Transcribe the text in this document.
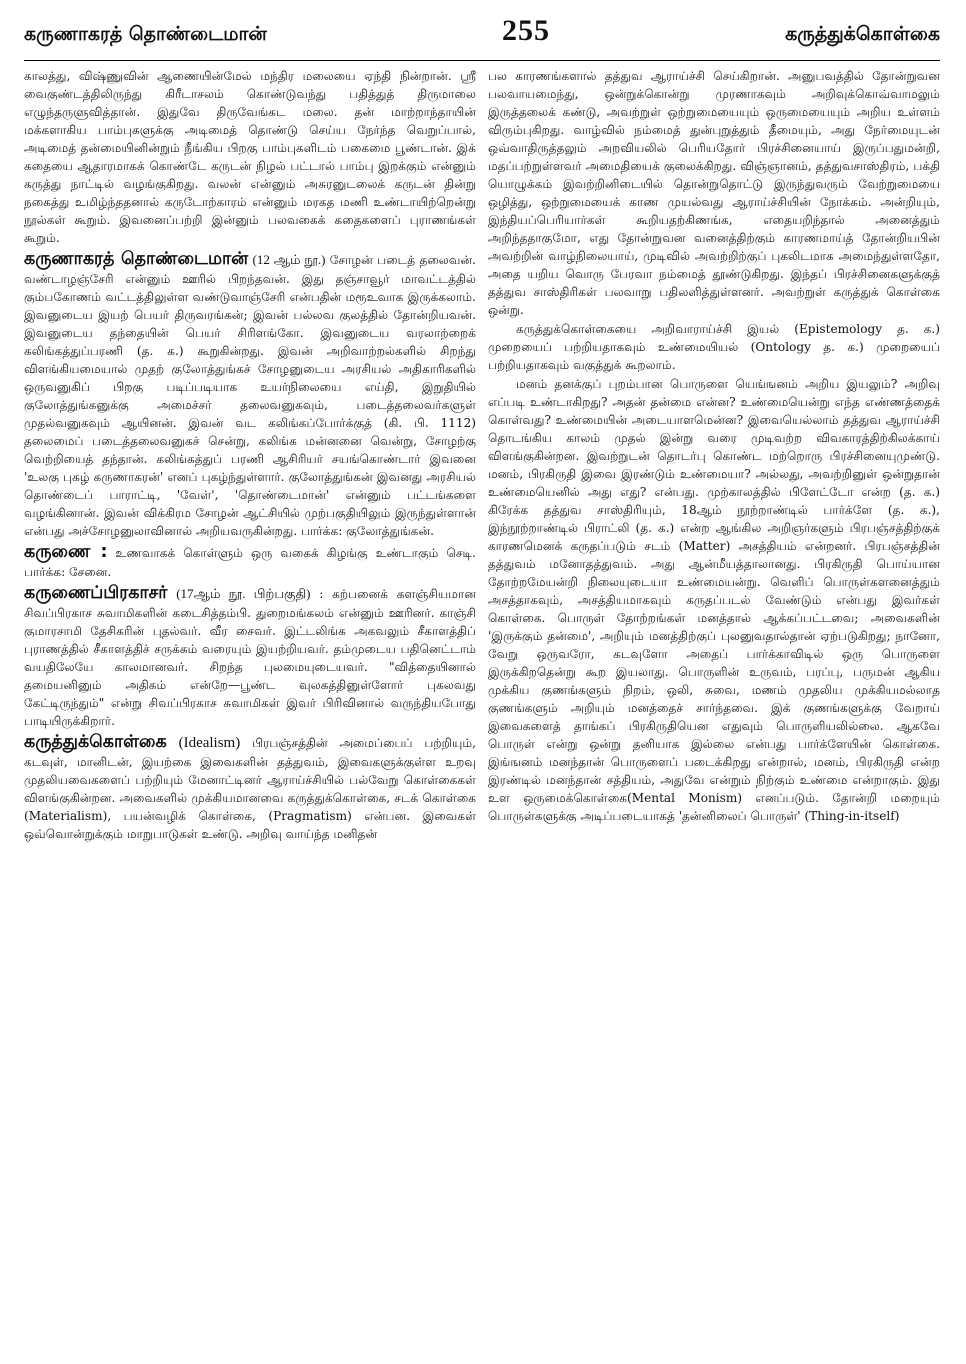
கருணாகரத் தொண்டைமான்	255	கருத்துக்கொள்கை

காலத்து, விஷ்ணுவின் ஆணையின்மேல் மந்திர மலையை ஏந்தி நின்றான். ஸ்ரீ வைகுண்டத்திலிருந்து கிரீடாசலம் கொண்டுவந்து பதித்துத் திருமாலை எழுந்தருளுவித்தான். இதுவே திருவேங்கட மலை. தன் மாற்றாந்தாயின் மக்களாகிய பாம்புகளுக்கு அடிமைத் தொண்டு செய்ய நேர்ந்த வெறுப்பால், அடிமைத் தன்மையினின்றும் நீங்கிய பிறகு பாம்புகளிடம் பகைமை பூண்டான். இக் கதையை ஆதாரமாகக் கொண்டே கருடன் நிழல் பட்டால் பாம்பு இறக்கும் என்னும் கருத்து நாட்டில் வழங்குகிறது. வலன் என்னும் அசுரனுடலைக் கருடன் தின்று நகைத்து உமிழ்ந்ததனால் கருடோற்காரம் என்னும் மரகத மணி உண்டாயிற்றென்று நூல்கள் கூறும். இவனைப்பற்றி இன்னும் பலவகைக் கதைகளைப் புராணங்கள் கூறும்.

கருணாகரத் தொண்டைமான் (12 ஆம் நூ.) சோழன் படைத் தலைவன். வண்டாழஞ்சேரி என்னும் ஊரில் பிறந்தவன். இது தஞ்சாவூர் மாவட்டத்தில் கும்பகோணம் வட்டத்திலுள்ள வண்டுவாஞ்சேரி என்பதின் மரூஉவாக இருக்கலாம். இவனுடைய இயற் பெயர் திருவரங்கன்; இவன் பல்லவ குலத்தில் தோன்றியவன். இவனுடைய தந்தையின் பெயர் சிரிளங்கோ. இவனுடைய வரலாற்றைக் கலிங்கத்துப்பரணி (த. க.) கூறுகின்றது. இவன் அறிவாற்றல்களில் சிறந்து விளங்கியமையால் முதற் குலோத்துங்கச் சோழனுடைய அரசியல் அதிகாரிகளில் ஒருவனுகிப் பிறகு படிப்படியாக உயர்நிலையை எய்தி, இறுதியில் குலோத்துங்கனுக்கு அமைச்சர் தலைவனுகவும், படைத்தலைவர்களுள் முதல்வனுகவும் ஆயினன். இவன் வட கலிங்கப்போர்க்குத் (கி. பி. 1112) தலைமைப் படைத்தலைவனுகச் சென்று, கலிங்க மன்னனை வென்று, சோழற்கு வெற்றியைத் தந்தான். கலிங்கத்துப் பரணி ஆசிரியர் சயங்கொண்டார் இவனை 'உலகு புகழ் கருணாகரன்' எனப் புகழ்ந்துள்ளார். குலோத்துங்கன் இவனது அரசியல் தொண்டைப் பாராட்டி, 'வேள்', 'தொண்டைமான்' என்னும் பட்டங்களை வழங்கினான். இவன் விக்கிரம சோழன் ஆட்சியில் முற்பகுதியிலும் இருந்துள்ளான் என்பது அச்சோழனுலாவினால் அறியவருகின்றது. பார்க்க: குலோத்துங்கன்.

கருணை : உணவாகக் கொள்ளும் ஒரு வகைக் கிழங்கு உண்டாகும் செடி. பார்க்க: சேனை.

கருணைப்பிரகாசர் (17ஆம் நூ. பிற்பகுதி) : கற்பனைக் களஞ்சியமான சிவப்பிரகாச சுவாமிகளின் கடைசித்தம்பி. துறைமங்கலம் என்னும் ஊரினர். காஞ்சி குமாரசாமி தேசிகரின் புதல்வர். வீர சைவர். இட்டலிங்க அகவலும் சீகாளத்திப் புராணத்தில் சீகாளத்திச் சருக்கம் வரையும் இயற்றியவர். தம்முடைய பதினெட்டாம் வயதிலேயே காலமானவர். சிறந்த புலமையுடையவர். "வித்தையினால் தமையனினும் அதிகம் என்றே—பூண்ட வுலகத்தினுள்ளோர் புகலவது கேட்டிருந்தும்" என்று சிவப்பிரகாச சுவாமிகள் இவர் பிரிவினால் வருந்தியபோது பாடியிருக்கிறார்.

கருத்துக்கொள்கை (Idealism) பிரபஞ்சத்தின் அமைப்பைப் பற்றியும், கடவுள், மானிடன், இயற்கை இவைகளின் தத்துவம், இவைகளுக்குள்ள உறவு முதலியவைகளைப் பற்றியும் மேனாட்டினர் ஆராய்ச்சியில் பல்வேறு கொள்கைகள் விளங்குகின்றன. அவைகளில் முக்கியமானவை கருத்துக்கொள்கை, சடக் கொள்கை (Materialism), பயன்வழிக் கொள்கை, (Pragmatism) என்பன. இவைகள் ஒவ்வொன்றுக்கும் மாறுபாடுகள் உண்டு. அறிவு வாய்ந்த மனிதன்

பல காரணங்களால் தத்துவ ஆராய்ச்சி செய்கிறான். அனுபவத்தில் தோன்றுவன பலவாயமைந்து, ஒன்றுக்கொன்று முரணாகவும் அறிவுக்கொவ்வாமலும் இருத்தலைக் கண்டு, அவற்றுள் ஒற்றுமையையும் ஒருமையையும் அறிய உள்ளம் விரும்புகிறது. வாழ்வில் நம்மைத் துன்புறுத்தும் தீமையும், அது நேர்மையுடன் ஒவ்வாதிருத்தலும் அறவியலில் பெரியதோர் பிரச்சினையாய் இருப்பதுமன்றி, மதப்பற்றுள்ளவர் அமைதியைக் குலைக்கிறது. விஞ்ஞானம், தத்துவசாஸ்திரம், பக்தி யொழுக்கம் இவற்றினிடையில் தொன்றுதொட்டு இருந்துவரும் வேற்றுமையை ஒழித்து, ஒற்றுமையைக் காண முயல்வது ஆராய்ச்சியின் நோக்கம். அன்றியும், இந்தியப்பெரியார்கள் கூறியதற்கிணங்க, எதையறிந்தால் அனைத்தும் அறிந்ததாகுமோ, எது தோன்றுவன வனைத்திற்கும் காரணமாய்த் தோன்றியபின் அவற்றின் வாழ்நிலையாய், முடிவில் அவற்றிற்குப் புகலிடமாக அமைந்துள்ளதோ, அதை யறிய வொரு பேரவா நம்மைத் தூண்டுகிறது. இந்தப் பிரச்சினைகளுக்குத் தத்துவ சாஸ்திரிகள் பலவாறு பதிலளித்துள்ளனர். அவற்றுள் கருத்துக் கொள்கை ஒன்று.

கருத்துக்கொள்கையை அறிவாராய்ச்சி இயல் (Epistemology த. க.) முறையைப் பற்றியதாகவும் உண்மையியல் (Ontology த. க.) முறையைப் பற்றியதாகவும் வகுத்துக் கூறலாம்.

மனம் தனக்குப் புறம்பான பொருளை யெங்ஙனம் அறிய இயலும்? அறிவு எப்படி உண்டாகிறது? அதன் தன்மை என்ன? உண்மையென்று எந்த எண்ணத்தைக் கொள்வது? உண்மையின் அடையாளமென்ன? இவையெல்லாம் தத்துவ ஆராய்ச்சி தொடங்கிய காலம் முதல் இன்று வரை முடிவற்ற விவகாரத்திற்கிலக்காய் விளங்குகின்றன. இவற்றுடன் தொடர்பு கொண்ட மற்றொரு பிரச்சினையுமுண்டு. மனம், பிரகிருதி இவை இரண்டும் உண்மையா? அல்லது, அவற்றினுள் ஒன்றுதான் உண்மையெனில் அது எது? என்பது. முற்காலத்தில் பிளேட்டோ என்ற (த. க.) கிரேக்க தத்துவ சாஸ்திரியும், 18ஆம் நூற்றாண்டில் பார்க்ளே (த. க.), இந்நூற்றாண்டில் பிராட்லி (த. க.) என்ற ஆங்கில அறிஞர்களும் பிரபஞ்சத்திற்குக் காரணமெனக் கருதப்படும் சடம் (Matter) அசத்தியம் என்றனர். பிரபஞ்சத்தின் தத்துவம் மனோதத்துவம். அது ஆன்மீயத்தாலானது. பிரகிருதி பொய்யான தோற்றமேயன்றி நிலையுடையா உண்மையன்று. வெளிப் பொருள்களனைத்தும் அசத்தாகவும், அசத்தியமாகவும் கருதப்படல் வேண்டும் என்பது இவர்கள் கொள்கை. பொருள் தோற்றங்கள் மனத்தால் ஆக்கப்பட்டவை; அவைகளின் 'இருக்கும் தன்மை', அறியும் மனத்திற்குப் புலனுவதால்தான் ஏற்படுகிறது; நானோ, வேறு ஒருவரோ, கடவுளோ அதைப் பார்க்காவிடில் ஒரு பொருளை இருக்கிறதென்று கூற இயலாது. பொருளின் உருவம், பரப்பு, பருமன் ஆகிய முக்கிய குணங்களும் நிறம், ஒலி, சுவை, மணம் முதலிய முக்கியமல்லாத குணங்களும் அறியும் மனத்தைச் சார்ந்தவை. இக் குணங்களுக்கு வேறாய் இவைகளைத் தாங்கப் பிரகிருதியென எதுவும் பொருளியலில்லை. ஆகவே பொருள் என்று ஒன்று தனியாக இல்லை என்பது பார்க்ளேயின் கொள்கை. இங்ஙனம் மனந்தான் பொருளைப் படைக்கிறது என்றால், மனம், பிரகிருதி என்ற இரண்டில் மனந்தான் சத்தியம், அதுவே என்றும் நிற்கும் உண்மை என்றாகும். இது உள ஒருமைக்கொள்கை(Mental Monism) எனப்படும். தோன்றி மறையும் பொருள்களுக்கு அடிப்படையாகத் 'தன்னிலைப் பொருள்' (Thing-in-itself)
